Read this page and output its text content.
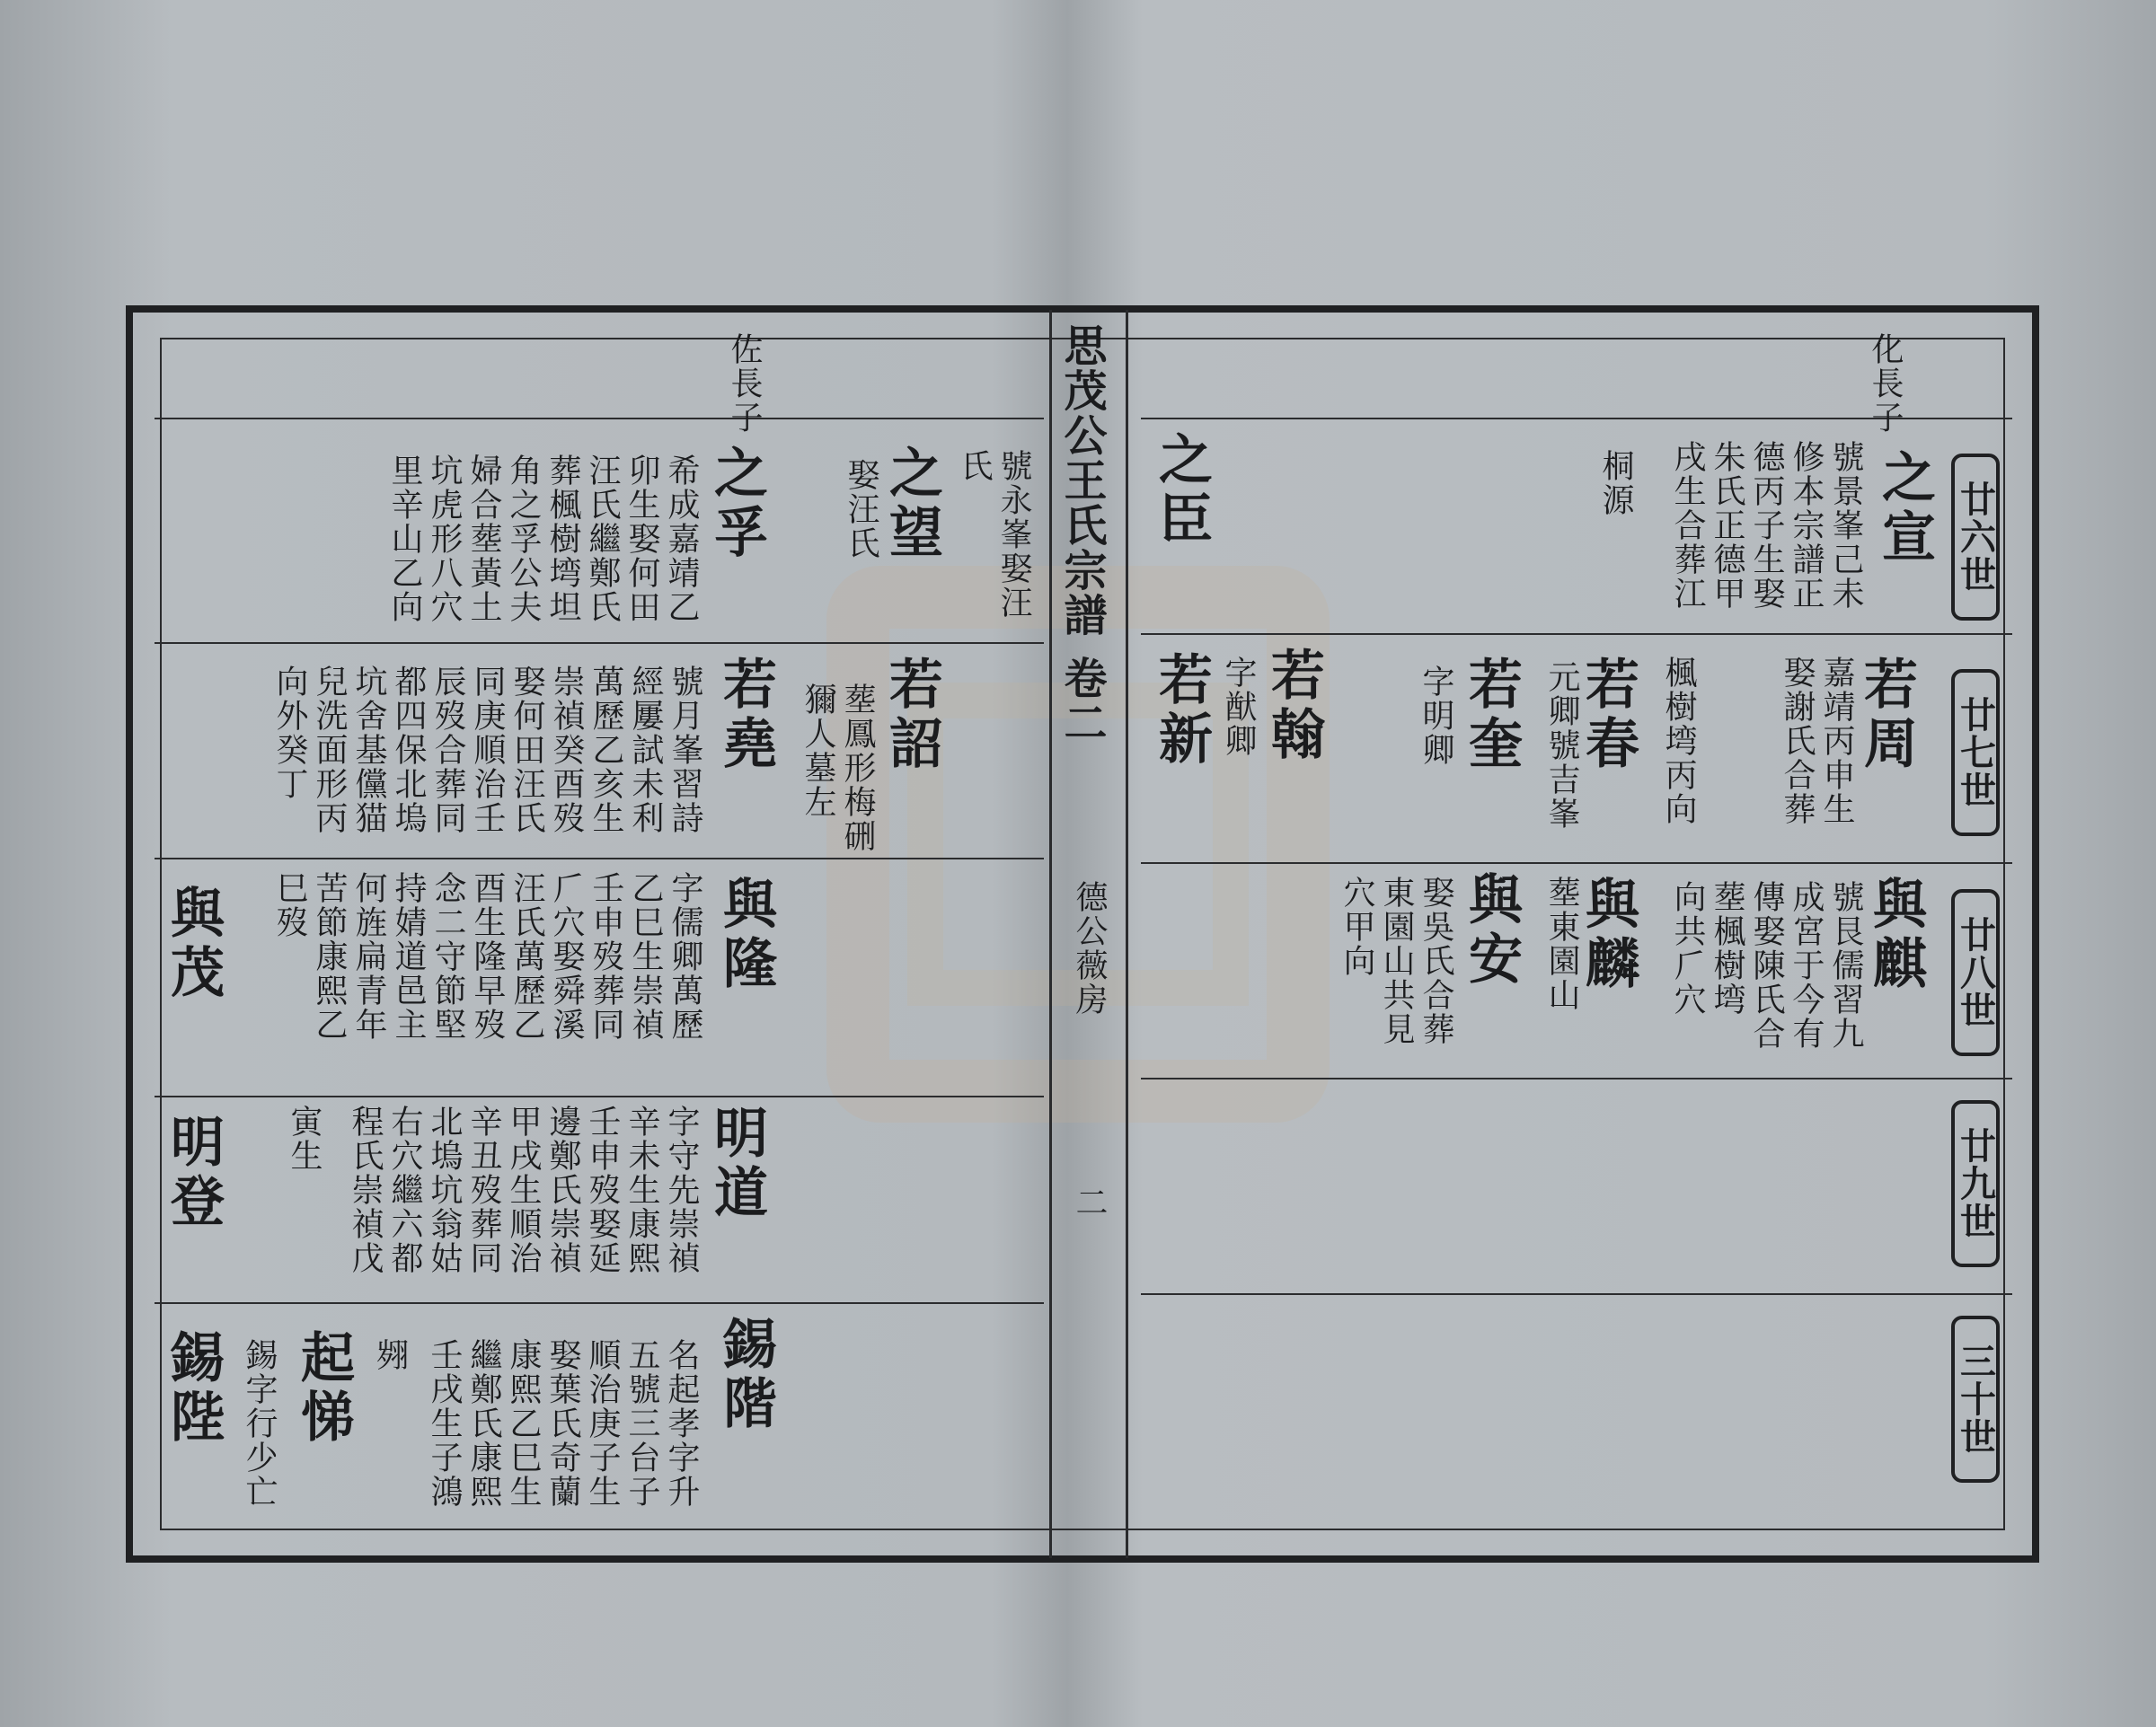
思茂公王氏宗譜
卷二
德公薇房
二
廿六世
廿七世
廿八世
廿九世
三十世
化長子
之宣
號景峯己未
修本宗譜正
德丙子生娶
朱氏正德甲
戌生合葬江
桐源
之臣
若周
嘉靖丙申生
娶謝氏合葬
楓樹塆丙向
若春
元卿號吉峯
若奎
字明卿
若翰
字猷卿
若新
與麒
號艮儒習九
成宮于今有
傳娶陳氏合
塟楓樹塆
向共𠂆穴
與麟
塟東園山
與安
娶吳氏合葬
東園山共見
穴甲向
佐長子
之望 號永峯娶汪
氏
娶汪氏
之孚
希成嘉靖乙
卯生娶何田
汪氏繼鄭氏
葬楓樹塆坦
角之孚公夫
婦合塟黃土
坑虎形八穴
里辛山乙向
若詔
塟鳳形梅硎
獮人墓左
若堯
號月峯習詩
經屢試未利
萬歷乙亥生
崇禎癸酉歿
娶何田汪氏
同庚順治壬
辰歿合葬同
都四保北塢
坑舍基儻猫
兒洗面形丙
向外癸丁
與隆
字儒卿萬歷
乙巳生崇禎
壬申歿葬同
𠂆穴娶舜溪
汪氏萬歷乙
酉生隆早歿
念二守節堅
持婧道邑主
何旌扁青年
苦節康熙乙
巳歿
與茂
明道
字守先崇禎
辛未生康熙
壬申歿娶延
邊鄭氏崇禎
甲戌生順治
辛丑歿葬同
北塢坑翁姑
右穴繼六都
程氏崇禎戊
寅生
明登
錫階
名起孝字升
五號三台子
順治庚子生
娶葉氏奇蘭
康熙乙巳生
繼鄭氏康熙
壬戌生子鴻
翙
起悌
錫字行少亡
錫陛
